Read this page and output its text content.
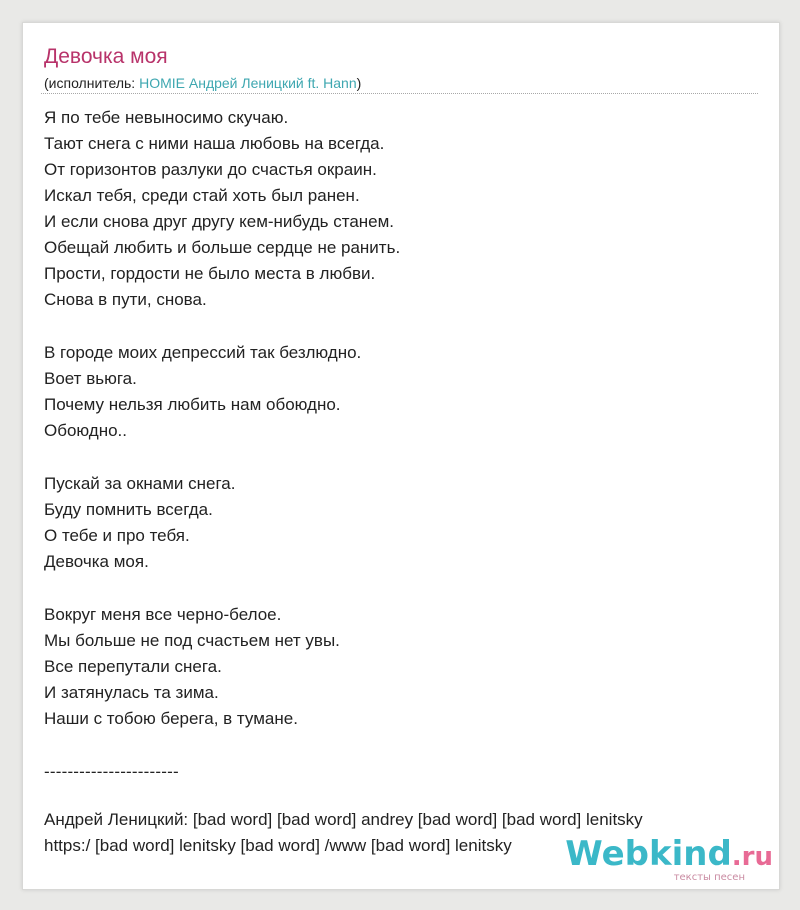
Девочка моя
(исполнитель: HOMIE Андрей Леницкий ft. Hann)
Я по тебе невыносимо скучаю.
Тают снега с ними наша любовь на всегда.
От горизонтов разлуки до счастья окраин.
Искал тебя, среди стай хоть был ранен.
И если снова друг другу кем-нибудь станем.
Обещай любить и больше сердце не ранить.
Прости, гордости не было места в любви.
Снова в пути, снова.
В городе моих депрессий так безлюдно.
Воет вьюга.
Почему нельзя любить нам обоюдно.
Обоюдно..
Пускай за окнами снега.
Буду помнить всегда.
О тебе и про тебя.
Девочка моя.
Вокруг меня все черно-белое.
Мы больше не под счастьем нет увы.
Все перепутали снега.
И затянулась та зима.
Наши с тобою берега, в тумане.
-----------------------
Андрей Леницкий: [bad word] [bad word] andrey [bad word] [bad word] lenitsky
https:/ [bad word] lenitsky [bad word] /www [bad word] lenitsky	Webkind.ru
тексты песен
